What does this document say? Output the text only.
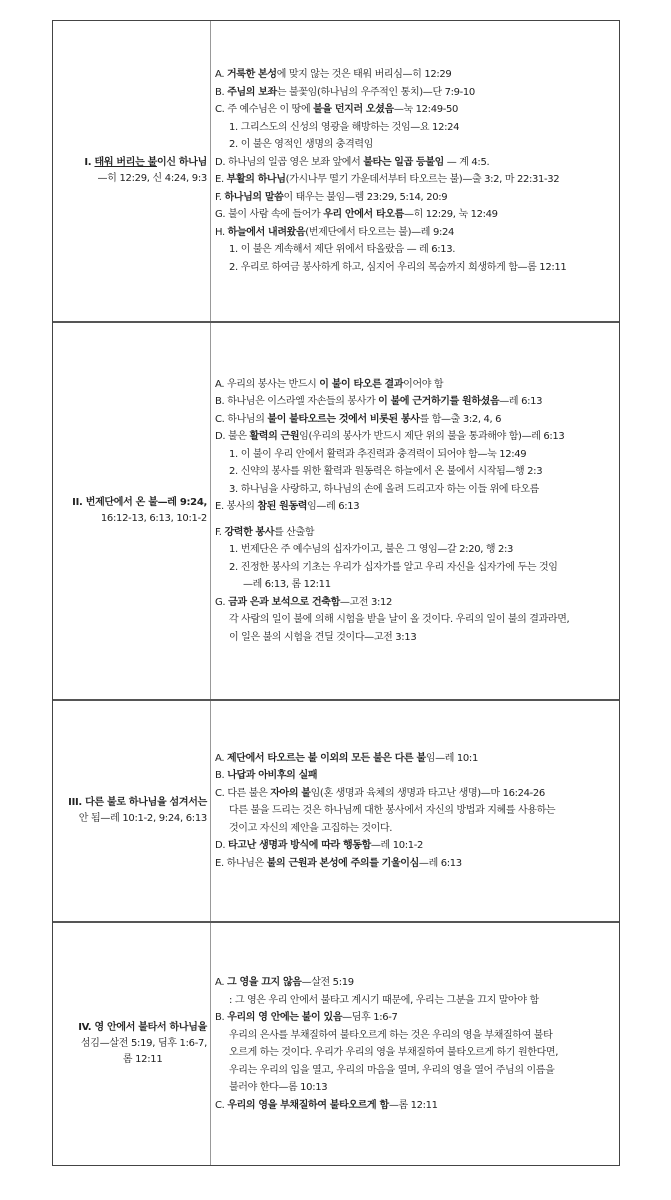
I. 태워 버리는 불이신 하나님
—히 12:29, 신 4:24, 9:3
A. 거룩한 본성에 맞지 않는 것은 태워 버리심—히 12:29
B. 주님의 보좌는 불꽃임(하나님의 우주적인 통치)—단 7:9-10
C. 주 예수님은 이 땅에 불을 던지러 오셨음—눅 12:49-50
1. 그리스도의 신성의 영광을 해방하는 것임—요 12:24
2. 이 불은 영적인 생명의 충격력임
D. 하나님의 일곱 영은 보좌 앞에서 불타는 일곱 등불임 — 계 4:5.
E. 부활의 하나님(가시나무 떨기 가운데서부터 타오르는 불)—출 3:2, 마 22:31-32
F. 하나님의 말씀이 태우는 불임—렘 23:29, 5:14, 20:9
G. 불이 사람 속에 들어가 우리 안에서 타오름—히 12:29, 눅 12:49
H. 하늘에서 내려왔음(번제단에서 타오르는 불)—레 9:24
1. 이 불은 계속해서 제단 위에서 타올랐음 — 레 6:13.
2. 우리로 하여금 봉사하게 하고, 심지어 우리의 목숨까지 희생하게 함—롬 12:11
II. 번제단에서 온 불—레 9:24,
16:12-13, 6:13, 10:1-2
A. 우리의 봉사는 반드시 이 불이 타오른 결과이어야 함
B. 하나님은 이스라엘 자손들의 봉사가 이 불에 근거하기를 원하셨음—레 6:13
C. 하나님의 불이 불타오르는 것에서 비롯된 봉사를 함—출 3:2, 4, 6
D. 불은 활력의 근원임(우리의 봉사가 반드시 제단 위의 불을 통과해야 함)—레 6:13
1. 이 불이 우리 안에서 활력과 추진력과 충격력이 되어야 함—눅 12:49
2. 신약의 봉사를 위한 활력과 원동력은 하늘에서 온 불에서 시작됨—행 2:3
3. 하나님을 사랑하고, 하나님의 손에 올려 드리고자 하는 이들 위에 타오름
E. 봉사의 참된 원동력임—레 6:13
F. 강력한 봉사를 산출함
1. 번제단은 주 예수님의 십자가이고, 불은 그 영임—갈 2:20, 행 2:3
2. 진정한 봉사의 기초는 우리가 십자가를 알고 우리 자신을 십자가에 두는 것임
—레 6:13, 롬 12:11
G. 금과 은과 보석으로 건축함—고전 3:12
각 사람의 일이 불에 의해 시험을 받을 날이 올 것이다. 우리의 일이 불의 결과라면,
이 일은 불의 시험을 견딜 것이다—고전 3:13
III. 다른 불로 하나님을 섬겨서는
안 됨—레 10:1-2, 9:24, 6:13
A. 제단에서 타오르는 불 이외의 모든 불은 다른 불임—레 10:1
B. 나답과 아비후의 실패
C. 다른 불은 자아의 불임(혼 생명과 육체의 생명과 타고난 생명)—마 16:24-26
다른 불을 드리는 것은 하나님께 대한 봉사에서 자신의 방법과 지혜를 사용하는
것이고 자신의 제안을 고집하는 것이다.
D. 타고난 생명과 방식에 따라 행동함—레 10:1-2
E. 하나님은 불의 근원과 본성에 주의를 기울이심—레 6:13
IV. 영 안에서 불타서 하나님을
섬김—살전 5:19, 딤후 1:6-7,
롬 12:11
A. 그 영을 끄지 않음—살전 5:19
: 그 영은 우리 안에서 불타고 계시기 때문에, 우리는 그분을 끄지 말아야 함
B. 우리의 영 안에는 불이 있음—딤후 1:6-7
우리의 은사를 부채질하여 불타오르게 하는 것은 우리의 영을 부채질하여 불타
오르게 하는 것이다. 우리가 우리의 영을 부채질하여 불타오르게 하기 원한다면,
우리는 우리의 입을 열고, 우리의 마음을 열며, 우리의 영을 열어 주님의 이름을
불러야 한다—롬 10:13
C. 우리의 영을 부채질하여 불타오르게 함—롬 12:11
